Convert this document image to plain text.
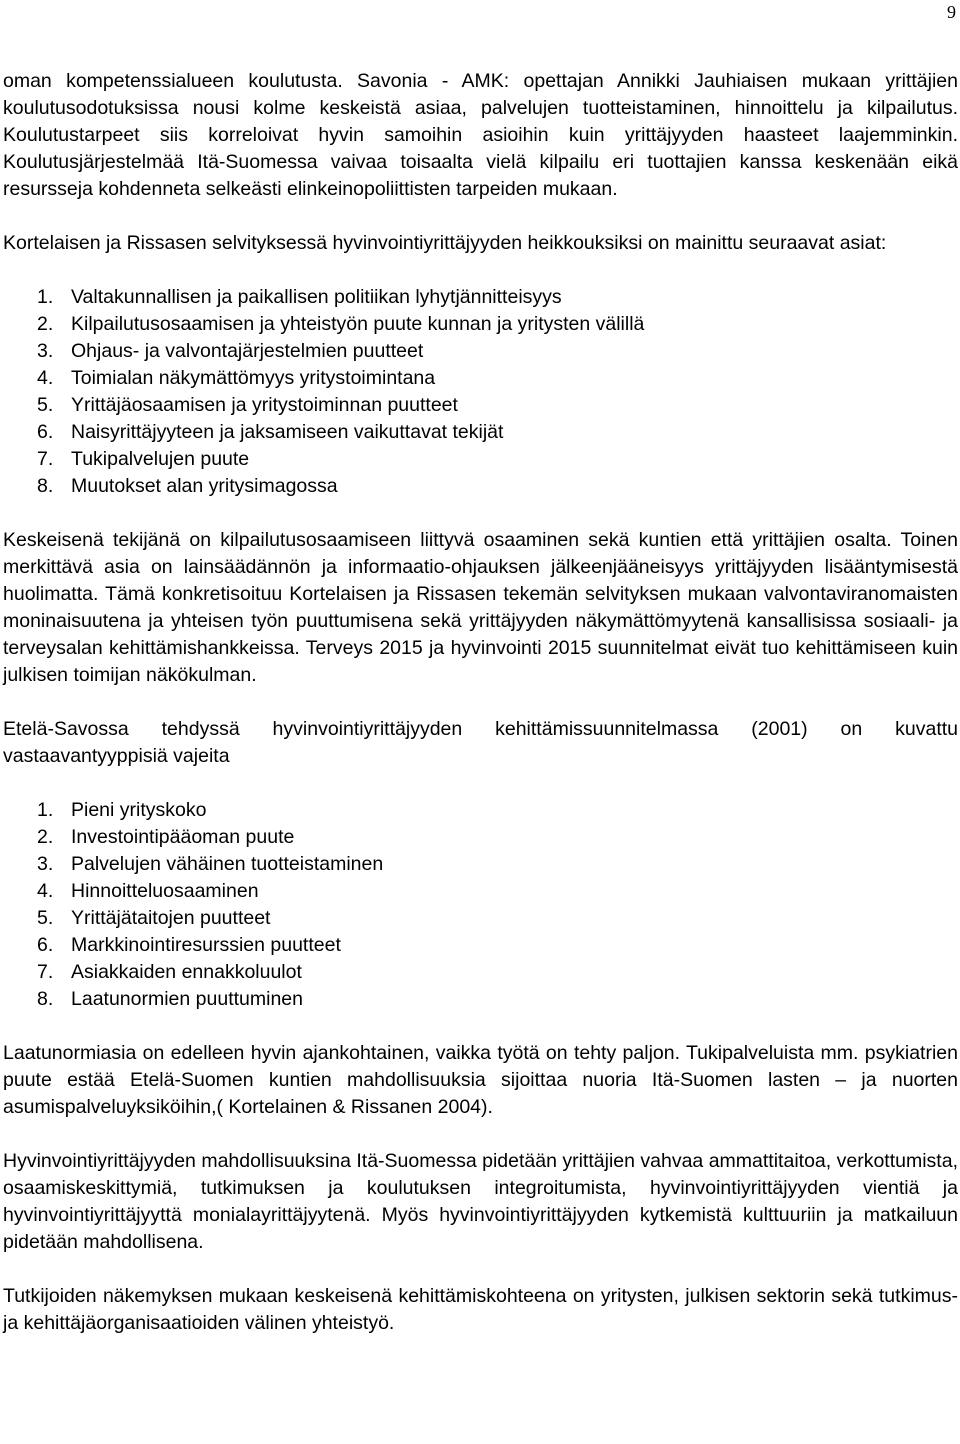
9

oman kompetenssialueen koulutusta. Savonia - AMK: opettajan Annikki Jauhiaisen mukaan yrittäjien koulutusodotuksissa nousi kolme keskeistä asiaa, palvelujen tuotteistaminen, hinnoittelu ja kilpailutus. Koulutustarpeet siis korreloivat hyvin samoihin asioihin kuin yrittäjyyden haasteet laajemminkin. Koulutusjärjestelmää Itä-Suomessa vaivaa toisaalta vielä kilpailu eri tuottajien kanssa keskenään eikä resursseja kohdenneta selkeästi elinkeinopoliittisten tarpeiden mukaan.

Kortelaisen ja Rissasen selvityksessä hyvinvointiyrittäjyyden heikkouksiksi on mainittu seuraavat asiat:

1. Valtakunnallisen ja paikallisen politiikan lyhytjännitteisyys
2. Kilpailutusosaamisen ja yhteistyön puute kunnan ja yritysten välillä
3. Ohjaus- ja valvontajärjestelmien puutteet
4. Toimialan näkymättömyys yritystoimintana
5. Yrittäjäosaamisen ja yritystoiminnan puutteet
6. Naisyrittäjyyteen ja jaksamiseen vaikuttavat tekijät
7. Tukipalvelujen puute
8. Muutokset alan yritysimagossa

Keskeisenä tekijänä on kilpailutusosaamiseen liittyvä osaaminen sekä kuntien että yrittäjien osalta. Toinen merkittävä asia on lainsäädännön ja informaatio-ohjauksen jälkeenjääneisyys yrittäjyyden lisääntymisestä huolimatta. Tämä konkretisoituu Kortelaisen ja Rissasen tekemän selvityksen mukaan valvontaviranomaisten moninaisuutena ja yhteisen työn puuttumisena sekä yrittäjyyden näkymättömyytenä kansallisissa sosiaali- ja terveysalan kehittämishankkeissa. Terveys 2015 ja hyvinvointi 2015 suunnitelmat eivät tuo kehittämiseen kuin julkisen toimijan näkökulman.

Etelä-Savossa tehdyssä hyvinvointiyrittäjyyden kehittämissuunnitelmassa (2001) on kuvattu vastaavantyyppisiä vajeita

1. Pieni yrityskoko
2. Investointipääoman puute
3. Palvelujen vähäinen tuotteistaminen
4. Hinnoitteluosaaminen
5. Yrittäjätaitojen puutteet
6. Markkinointiresurssien puutteet
7. Asiakkaiden ennakkoluulot
8. Laatunormien puuttuminen

Laatunormiasia on edelleen hyvin ajankohtainen, vaikka työtä on tehty paljon. Tukipalveluista mm. psykiatrien puute estää Etelä-Suomen kuntien mahdollisuuksia sijoittaa nuoria Itä-Suomen lasten – ja nuorten asumispalveluyksiköihin,( Kortelainen & Rissanen 2004).

Hyvinvointiyrittäjyyden mahdollisuuksina Itä-Suomessa pidetään yrittäjien vahvaa ammattitaitoa, verkottumista, osaamiskeskittymiä, tutkimuksen ja koulutuksen integroitumista, hyvinvointiyrittäjyyden vientiä ja hyvinvointiyrittäjyyttä monialayrittäjyytenä. Myös hyvinvointiyrittäjyyden kytkemistä kulttuuriin ja matkailuun pidetään mahdollisena.

Tutkijoiden näkemyksen mukaan keskeisenä kehittämiskohteena on yritysten, julkisen sektorin sekä tutkimus- ja kehittäjäorganisaatioiden välinen yhteistyö.
